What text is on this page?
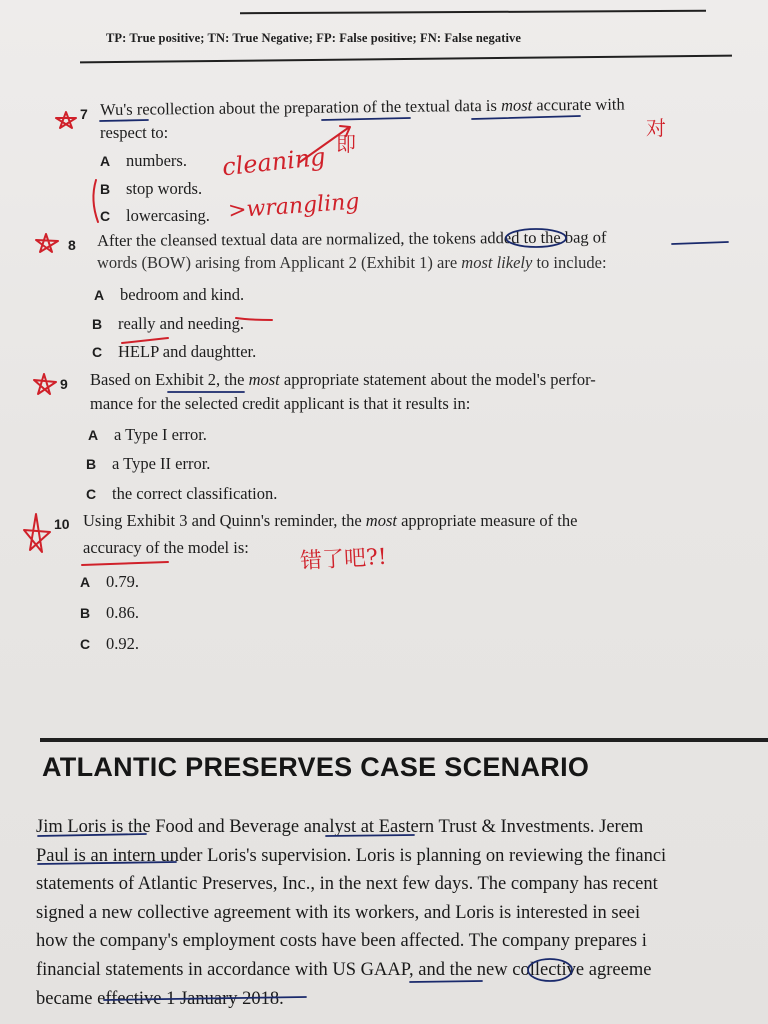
TP: True positive; TN: True Negative; FP: False positive; FN: False negative
7 Wu's recollection about the preparation of the textual data is most accurate with
respect to:
A numbers.
B stop words.
C lowercasing.
cleaning
>wrangling
即
对
8 After the cleansed textual data are normalized, the tokens added to the bag of
words (BOW) arising from Applicant 2 (Exhibit 1) are most likely to include:
A bedroom and kind.
B really and needing.
C HELP and daughtter.
9 Based on Exhibit 2, the most appropriate statement about the model's perfor-
mance for the selected credit applicant is that it results in:
A a Type I error.
B a Type II error.
C the correct classification.
10 Using Exhibit 3 and Quinn's reminder, the most appropriate measure of the
accuracy of the model is: 错了吧?!
A 0.79.
B 0.86.
C 0.92.
ATLANTIC PRESERVES CASE SCENARIO
Jim Loris is the Food and Beverage analyst at Eastern Trust & Investments. Jerem
Paul is an intern under Loris's supervision. Loris is planning on reviewing the financi
statements of Atlantic Preserves, Inc., in the next few days. The company has recent
signed a new collective agreement with its workers, and Loris is interested in seei
how the company's employment costs have been affected. The company prepares i
financial statements in accordance with US GAAP, and the new collective agreeme
became effective 1 January 2018.
